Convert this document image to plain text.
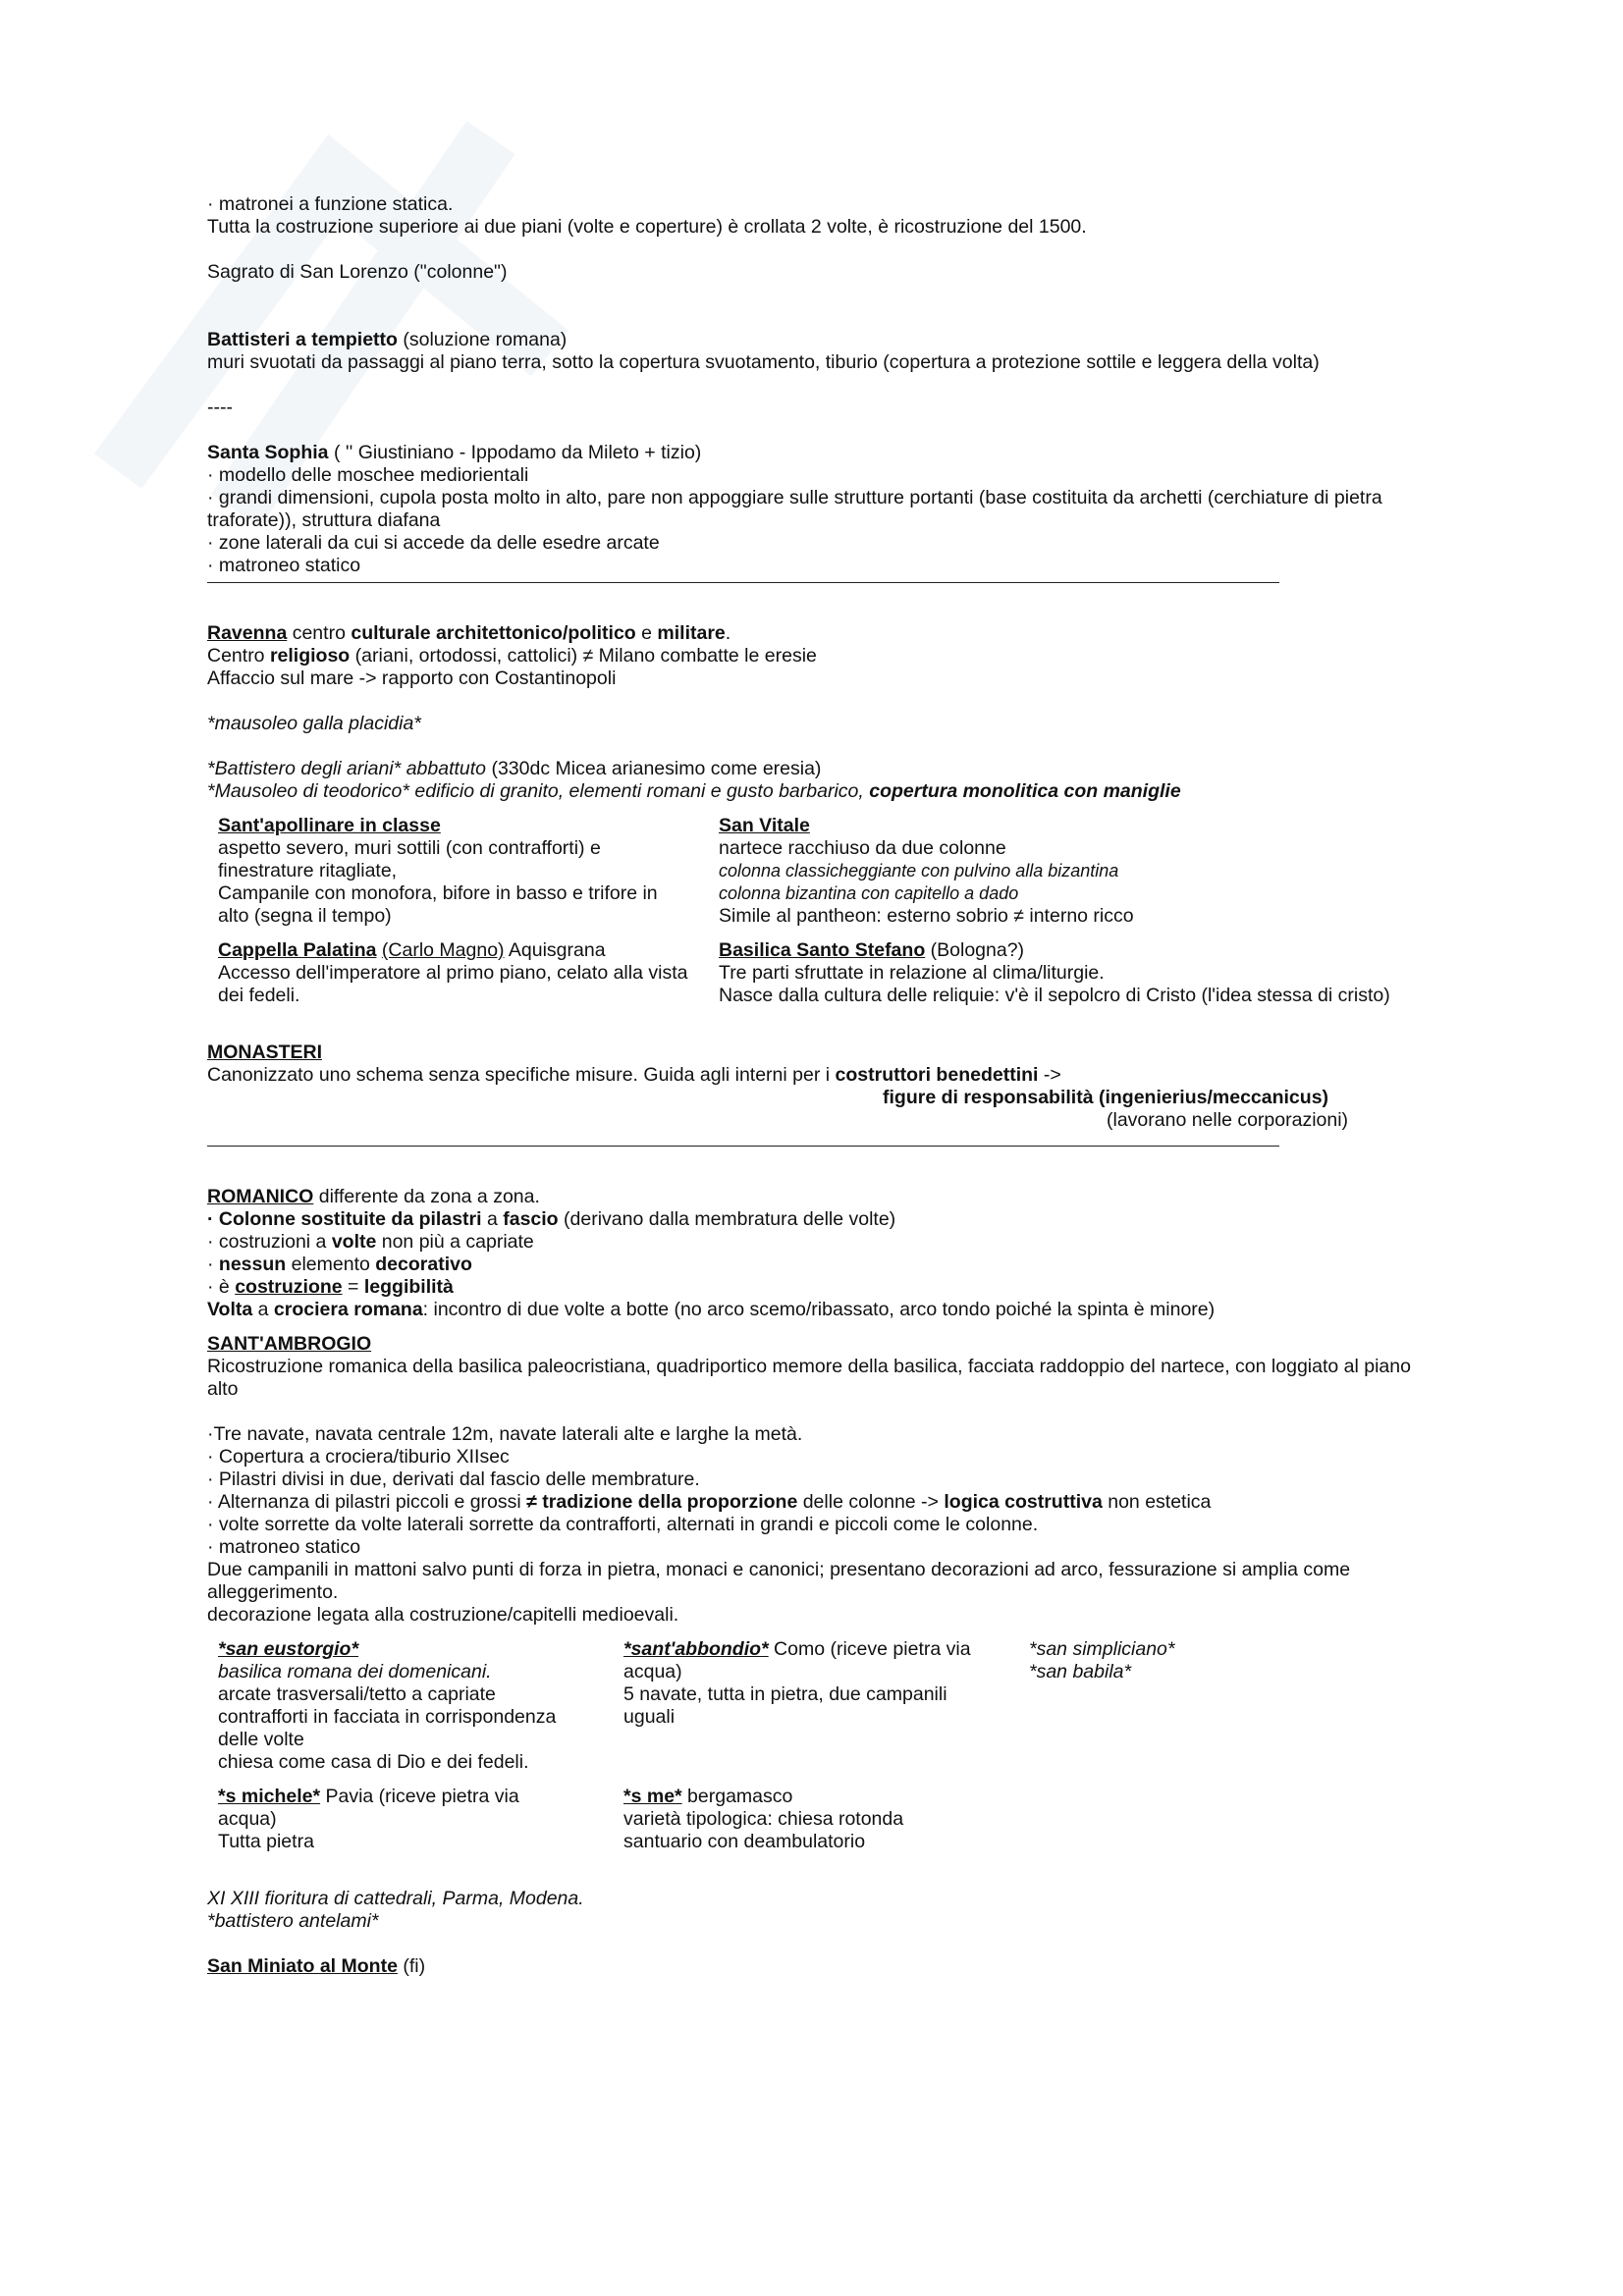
· matronei a funzione statica.
Tutta la costruzione superiore ai due piani (volte e coperture) è crollata 2 volte, è ricostruzione del 1500.
Sagrato di San Lorenzo ("colonne")
Battisteri a tempietto (soluzione romana)
muri svuotati da passaggi al piano terra, sotto la copertura svuotamento, tiburio (copertura a protezione sottile e leggera della volta)
----
Santa Sophia ( '' Giustiniano - Ippodamo da Mileto + tizio)
· modello delle moschee mediorientali
· grandi dimensioni, cupola posta molto in alto, pare non appoggiare sulle strutture portanti (base costituita da archetti (cerchiature di pietra traforate)), struttura diafana
· zone laterali da cui si accede da delle esedre arcate
· matroneo statico
Ravenna centro culturale architettonico/politico e militare.
Centro religioso (ariani, ortodossi, cattolici) ≠ Milano combatte le eresie
Affaccio sul mare -> rapporto con Costantinopoli
*mausoleo galla placidia*
*Battistero degli ariani* abbattuto (330dc Micea arianesimo come eresia)
*Mausoleo di teodorico* edificio di granito, elementi romani e gusto barbarico, copertura monolitica con maniglie
Sant'apollinare in classe
aspetto severo, muri sottili (con contrafforti) e finestrature ritagliate,
Campanile con monofora, bifore in basso e trifore in alto (segna il tempo)
Cappella Palatina (Carlo Magno) Aquisgrana
Accesso dell'imperatore al primo piano, celato alla vista dei fedeli.
San Vitale
nartece racchiuso da due colonne
colonna classicheggiante con pulvino alla bizantina
colonna bizantina con capitello a dado
Simile al pantheon: esterno sobrio ≠ interno ricco
Basilica Santo Stefano (Bologna?)
Tre parti sfruttate in relazione al clima/liturgie.
Nasce dalla cultura delle reliquie: v'è il sepolcro di Cristo (l'idea stessa di cristo)
MONASTERI
Canonizzato uno schema senza specifiche misure. Guida agli interni per i costruttori benedettini ->
figure di responsabilità (ingenierius/meccanicus)
(lavorano nelle corporazioni)
ROMANICO differente da zona a zona.
· Colonne sostituite da pilastri a fascio (derivano dalla membratura delle volte)
· costruzioni a volte non più a capriate
· nessun elemento decorativo
· è costruzione = leggibilità
Volta a crociera romana: incontro di due volte a botte (no arco scemo/ribassato, arco tondo poiché la spinta è minore)
SANT'AMBROGIO
Ricostruzione romanica della basilica paleocristiana, quadriportico memore della basilica, facciata raddoppio del nartece, con loggiato al piano alto
·Tre navate, navata centrale 12m, navate laterali alte e larghe la metà.
· Copertura a crociera/tiburio XIIsec
· Pilastri divisi in due, derivati dal fascio delle membrature.
· Alternanza di pilastri piccoli e grossi ≠ tradizione della proporzione delle colonne -> logica costruttiva non estetica
· volte sorrette da volte laterali sorrette da contrafforti, alternati in grandi e piccoli come le colonne.
· matroneo statico
Due campanili in mattoni salvo punti di forza in pietra, monaci e canonici; presentano decorazioni ad arco, fessurazione si amplia come alleggerimento.
decorazione legata alla costruzione/capitelli medioevali.
*san eustorgio*
basilica romana dei domenicani.
arcate trasversali/tetto a capriate
contrafforti in facciata in corrispondenza delle volte
chiesa come casa di Dio e dei fedeli.
*s michele* Pavia (riceve pietra via acqua)
Tutta pietra
*sant'abbondio* Como (riceve pietra via acqua)
5 navate, tutta in pietra, due campanili uguali
*s me* bergamasco
varietà tipologica: chiesa rotonda
santuario con deambulatorio
*san simpliciano*
*san babila*
XI XIII fioritura di cattedrali, Parma, Modena.
*battistero antelami*
San Miniato al Monte (fi)
